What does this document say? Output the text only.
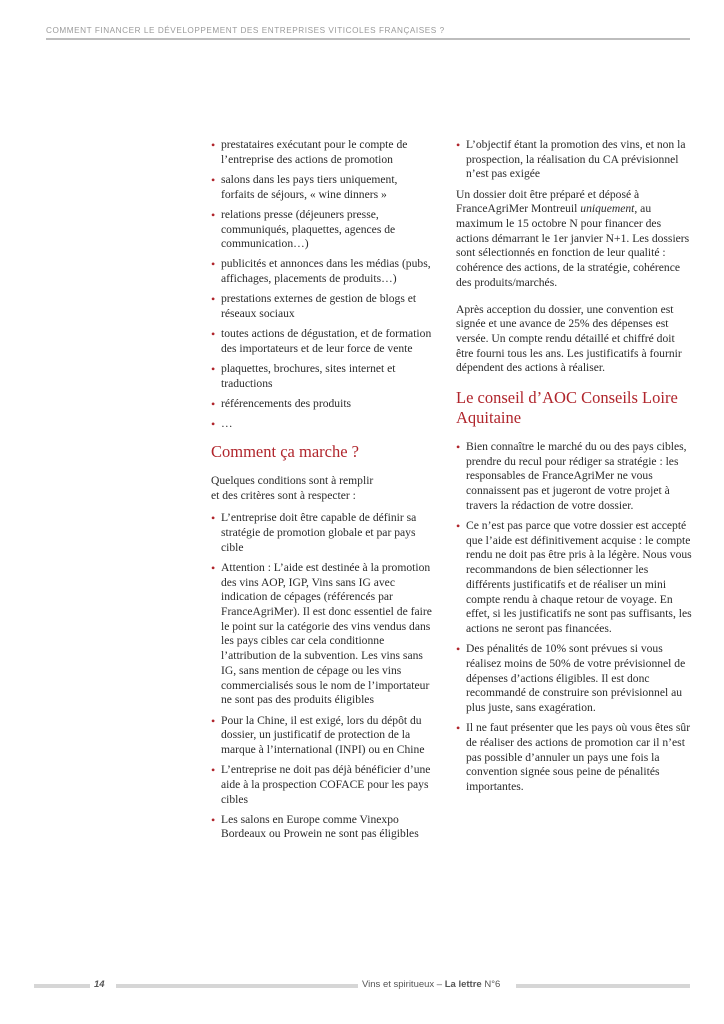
COMMENT FINANCER LE DÉVELOPPEMENT DES ENTREPRISES VITICOLES FRANÇAISES ?
• prestataires exécutant pour le compte de l’entreprise des actions de promotion
• salons dans les pays tiers uniquement, forfaits de séjours, « wine dinners »
• relations presse (déjeuners presse, communiqués, plaquettes, agences de communication…)
• publicités et annonces dans les médias (pubs, affichages, placements de produits…)
• prestations externes de gestion de blogs et réseaux sociaux
• toutes actions de dégustation, et de formation des importateurs et de leur force de vente
• plaquettes, brochures, sites internet et traductions
• référencements des produits
• …
Comment ça marche ?

Quelques conditions sont à remplir
et des critères sont à respecter :

• L’entreprise doit être capable de définir sa stratégie de promotion globale et par pays cible
• Attention : L’aide est destinée à la promotion des vins AOP, IGP, Vins sans IG avec indication de cépages (référencés par FranceAgriMer). Il est donc essentiel de faire le point sur la catégorie des vins vendus dans les pays cibles car cela conditionne l’attribution de la subvention. Les vins sans IG, sans mention de cépage ou les vins commercialisés sous le nom de l’importateur ne sont pas des produits éligibles
• Pour la Chine, il est exigé, lors du dépôt du dossier, un justificatif de protection de la marque à l’international (INPI) ou en Chine
• L’entreprise ne doit pas déjà bénéficier d’une aide à la prospection COFACE pour les pays cibles
• Les salons en Europe comme Vinexpo Bordeaux ou Prowein ne sont pas éligibles
• L’objectif étant la promotion des vins, et non la prospection, la réalisation du CA prévisionnel n’est pas exigée

Un dossier doit être préparé et déposé à FranceAgriMer Montreuil uniquement, au maximum le 15 octobre N pour financer des actions démarrant le 1er janvier N+1. Les dossiers sont sélectionnés en fonction de leur qualité : cohérence des actions, de la stratégie, cohérence des produits/marchés.

Après acception du dossier, une convention est signée et une avance de 25% des dépenses est versée. Un compte rendu détaillé et chiffré doit être fourni tous les ans. Les justificatifs à fournir dépendent des actions à réaliser.

Le conseil d’AOC Conseils Loire Aquitaine
• Bien connaître le marché du ou des pays cibles, prendre du recul pour rédiger sa stratégie : les responsables de FranceAgriMer ne vous connaissent pas et jugeront de votre projet à travers la rédaction de votre dossier.
• Ce n’est pas parce que votre dossier est accepté que l’aide est définitivement acquise : le compte rendu ne doit pas être pris à la légère. Nous vous recommandons de bien sélectionner les différents justificatifs et de réaliser un mini compte rendu à chaque retour de voyage. En effet, si les justificatifs ne sont pas suffisants, les actions ne seront pas financées.
• Des pénalités de 10% sont prévues si vous réalisez moins de 50% de votre prévisionnel de dépenses d’actions éligibles. Il est donc recommandé de construire son prévisionnel au plus juste, sans exagération.
• Il ne faut présenter que les pays où vous êtes sûr de réaliser des actions de promotion car il n’est pas possible d’annuler un pays une fois la convention signée sous peine de pénalités importantes.
14	Vins et spiritueux – La lettre N°6
